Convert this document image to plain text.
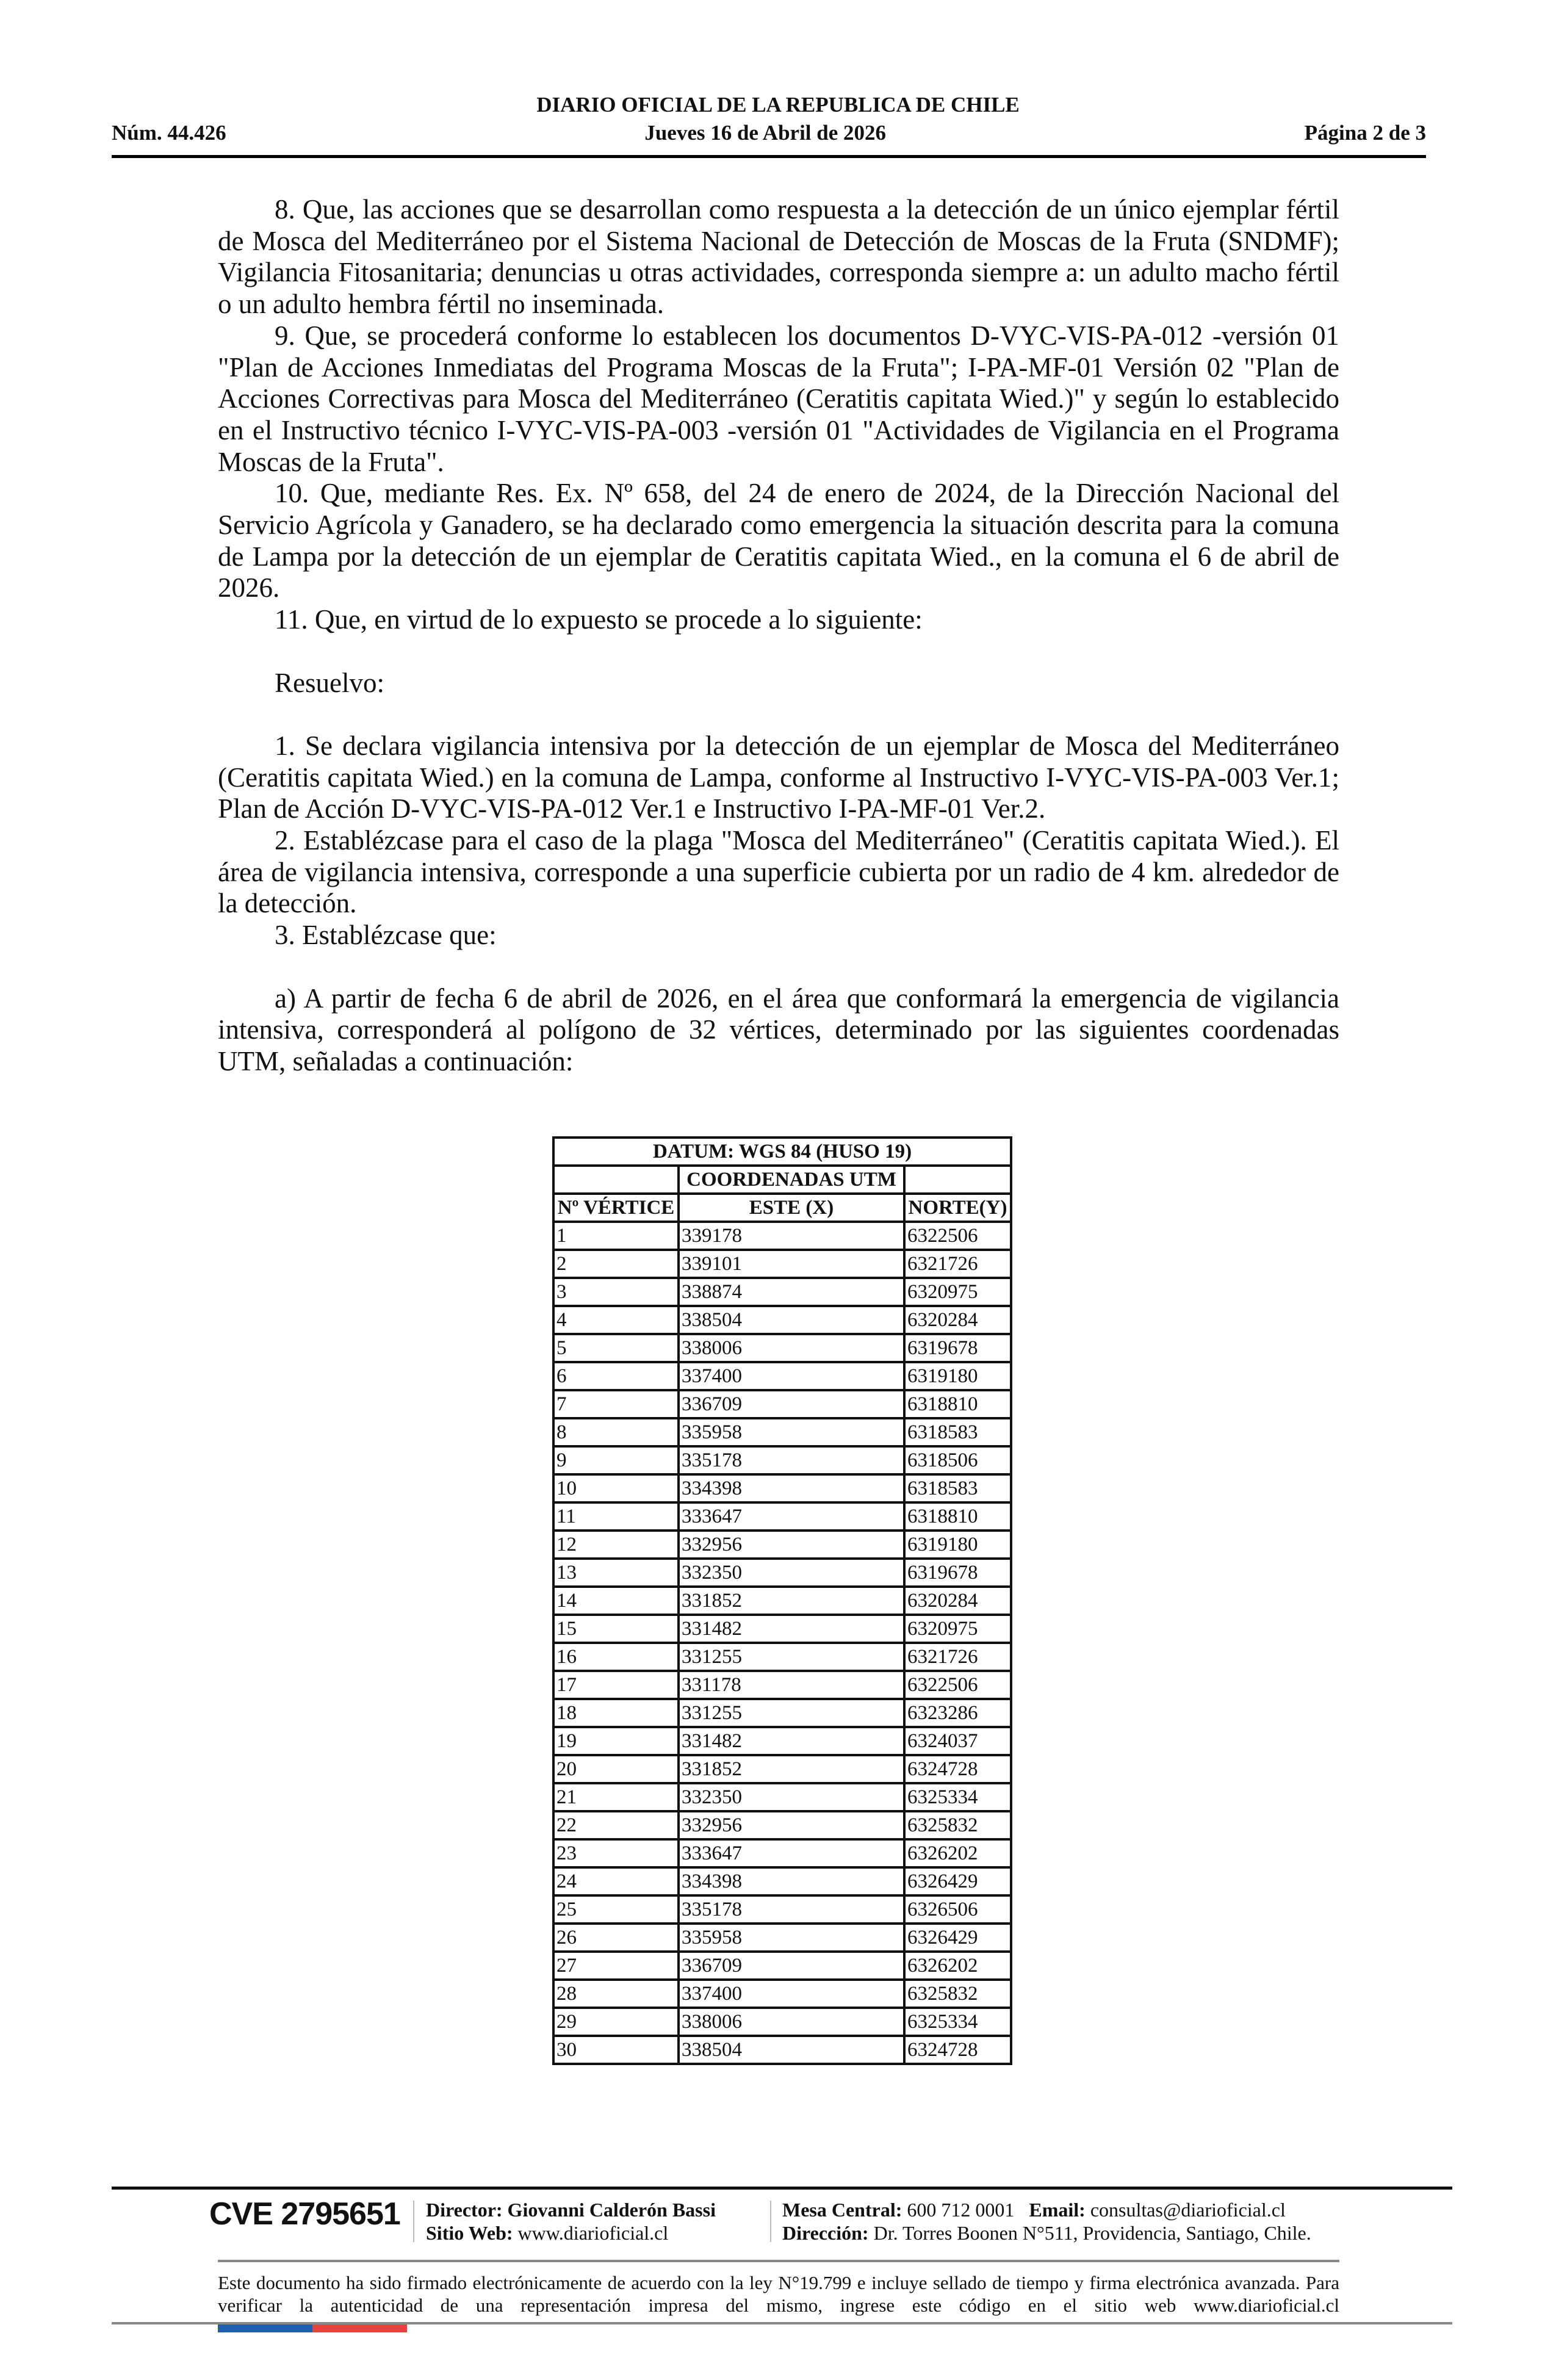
DIARIO OFICIAL DE LA REPUBLICA DE CHILE
Núm. 44.426	Jueves 16 de Abril de 2026	Página 2 de 3

8. Que, las acciones que se desarrollan como respuesta a la detección de un único ejemplar fértil de Mosca del Mediterráneo por el Sistema Nacional de Detección de Moscas de la Fruta (SNDMF); Vigilancia Fitosanitaria; denuncias u otras actividades, corresponda siempre a: un adulto macho fértil o un adulto hembra fértil no inseminada.

9. Que, se procederá conforme lo establecen los documentos D-VYC-VIS-PA-012 -versión 01 "Plan de Acciones Inmediatas del Programa Moscas de la Fruta"; I-PA-MF-01 Versión 02 "Plan de Acciones Correctivas para Mosca del Mediterráneo (Ceratitis capitata Wied.)" y según lo establecido en el Instructivo técnico I-VYC-VIS-PA-003 -versión 01 "Actividades de Vigilancia en el Programa Moscas de la Fruta".

10. Que, mediante Res. Ex. Nº 658, del 24 de enero de 2024, de la Dirección Nacional del Servicio Agrícola y Ganadero, se ha declarado como emergencia la situación descrita para la comuna de Lampa por la detección de un ejemplar de Ceratitis capitata Wied., en la comuna el 6 de abril de 2026.

11. Que, en virtud de lo expuesto se procede a lo siguiente:

Resuelvo:

1. Se declara vigilancia intensiva por la detección de un ejemplar de Mosca del Mediterráneo (Ceratitis capitata Wied.) en la comuna de Lampa, conforme al Instructivo I-VYC-VIS-PA-003 Ver.1; Plan de Acción D-VYC-VIS-PA-012 Ver.1 e Instructivo I-PA-MF-01 Ver.2.

2. Establézcase para el caso de la plaga "Mosca del Mediterráneo" (Ceratitis capitata Wied.). El área de vigilancia intensiva, corresponde a una superficie cubierta por un radio de 4 km. alrededor de la detección.

3. Establézcase que:

a) A partir de fecha 6 de abril de 2026, en el área que conformará la emergencia de vigilancia intensiva, corresponderá al polígono de 32 vértices, determinado por las siguientes coordenadas UTM, señaladas a continuación:

DATUM: WGS 84 (HUSO 19)		
	COORDENADAS UTM	
Nº VÉRTICE	ESTE (X)	NORTE(Y)
1	339178	6322506
2	339101	6321726
3	338874	6320975
4	338504	6320284
5	338006	6319678
6	337400	6319180
7	336709	6318810
8	335958	6318583
9	335178	6318506
10	334398	6318583
11	333647	6318810
12	332956	6319180
13	332350	6319678
14	331852	6320284
15	331482	6320975
16	331255	6321726
17	331178	6322506
18	331255	6323286
19	331482	6324037
20	331852	6324728
21	332350	6325334
22	332956	6325832
23	333647	6326202
24	334398	6326429
25	335178	6326506
26	335958	6326429
27	336709	6326202
28	337400	6325832
29	338006	6325334
30	338504	6324728
CVE 2795651 Director: Giovanni Calderón Bassi
Sitio Web: www.diarioficial.cl
Mesa Central: 600 712 0001 Email: consultas@diarioficial.cl
Dirección: Dr. Torres Boonen N°511, Providencia, Santiago, Chile.
Este documento ha sido firmado electrónicamente de acuerdo con la ley N°19.799 e incluye sellado de tiempo y firma electrónica avanzada. Para verificar la autenticidad de una representación impresa del mismo, ingrese este código en el sitio web www.diarioficial.cl
